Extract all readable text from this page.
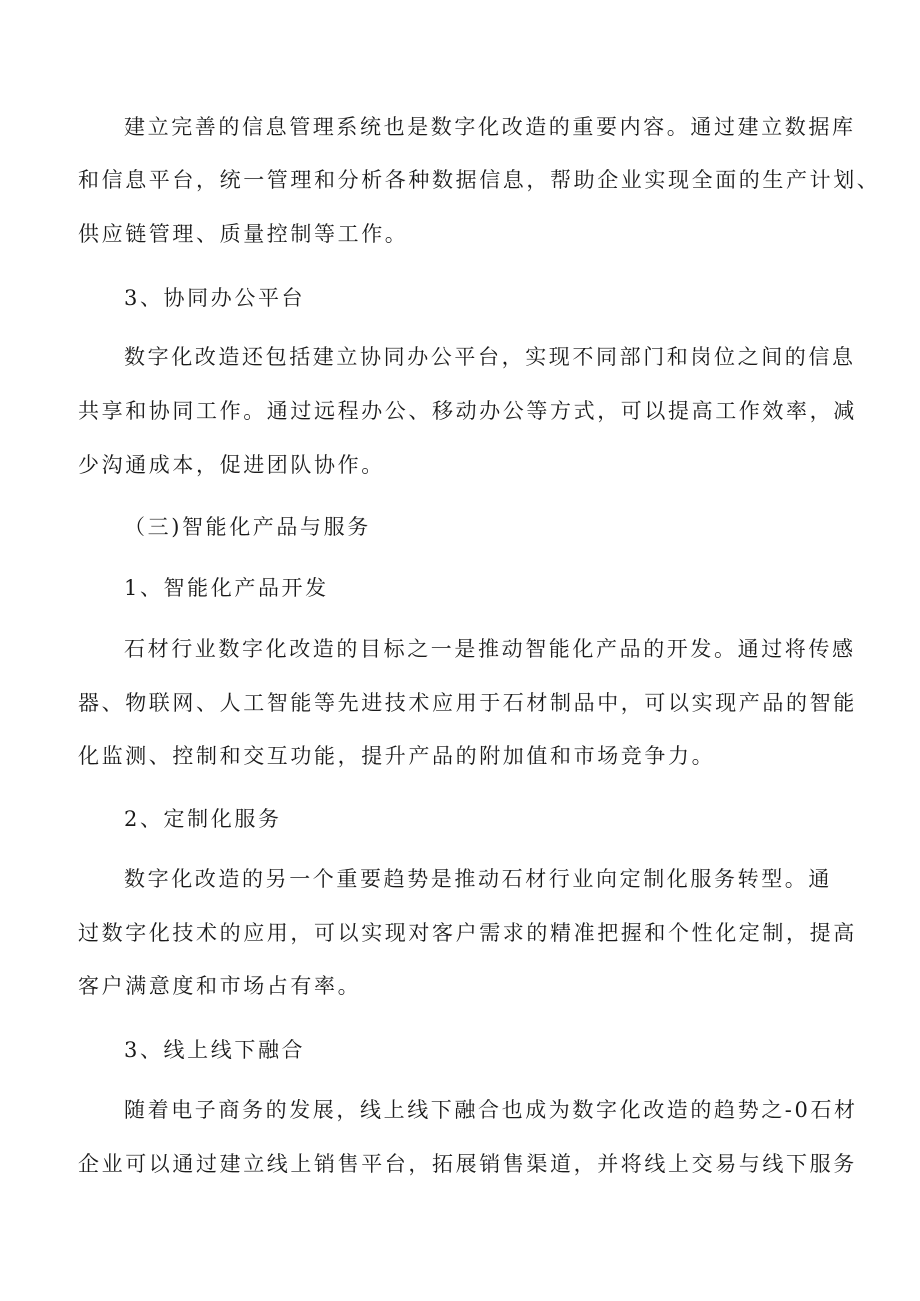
建立完善的信息管理系统也是数字化改造的重要内容。通过建立数据库
和信息平台，统一管理和分析各种数据信息，帮助企业实现全面的生产计划、
供应链管理、质量控制等工作。
3、协同办公平台
数字化改造还包括建立协同办公平台，实现不同部门和岗位之间的信息
共享和协同工作。通过远程办公、移动办公等方式，可以提高工作效率，减
少沟通成本，促进团队协作。
（三)智能化产品与服务
1、智能化产品开发
石材行业数字化改造的目标之一是推动智能化产品的开发。通过将传感
器、物联网、人工智能等先进技术应用于石材制品中，可以实现产品的智能
化监测、控制和交互功能，提升产品的附加值和市场竞争力。
2、定制化服务
数字化改造的另一个重要趋势是推动石材行业向定制化服务转型。通
过数字化技术的应用，可以实现对客户需求的精准把握和个性化定制，提高
客户满意度和市场占有率。
3、线上线下融合
随着电子商务的发展，线上线下融合也成为数字化改造的趋势之-0石材
企业可以通过建立线上销售平台，拓展销售渠道，并将线上交易与线下服务
